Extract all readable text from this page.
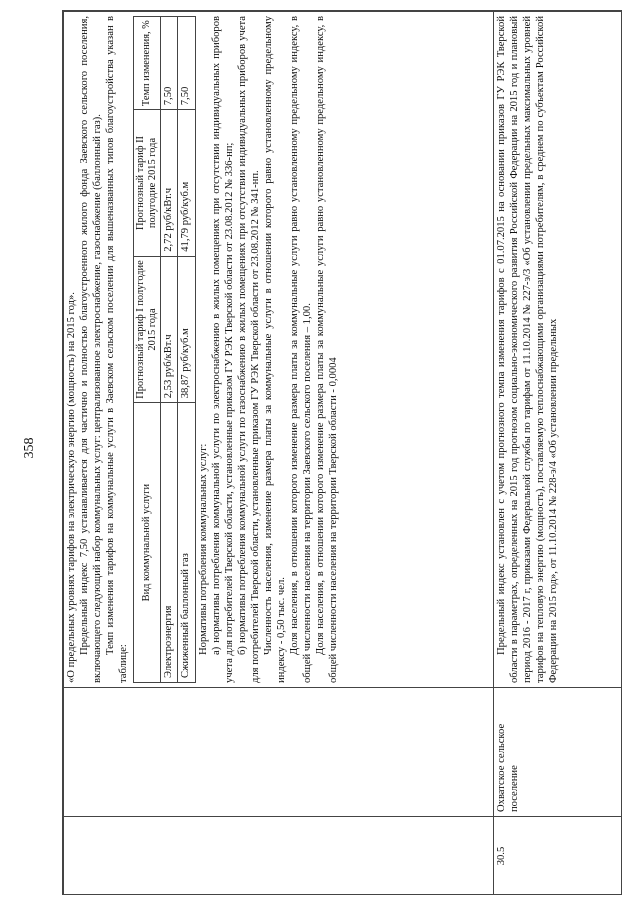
358
			«О предельных уровнях тарифов на электрическую энергию (мощность) на 2015 год». Предельный индекс 7,50 устанавливается для частично и полностью благоустроенного жилого фонда Заевского сельского поселения, включающего следующий набор коммунальных услуг: централизованное электроснабжение, газоснабжение (баллонный газ). Темп изменения тарифов на коммунальные услуги в Заевском сельском поселении для вышеназванных типов благоустройства указан в таблице:

Вид коммунальной услуги	Прогнозный тариф I полугодие 2015 года	Прогнозный тариф II полугодие 2015 года	Темп изменения, %
Электроэнергия	2,53 руб/кВт.ч	2,72 руб/кВт.ч	7,50
Сжиженный баллонный газ	38,87 руб/куб.м	41,79 руб/куб.м	7,50

Нормативы потребления коммунальных услуг: а) нормативы потребления коммунальной услуги по электроснабжению в жилых помещениях при отсутствии индивидуальных приборов учета для потребителей Тверской области, установленные приказом ГУ РЭК Тверской области от 23.08.2012 № 336-нп; б) нормативы потребления коммунальной услуги по газоснабжению в жилых помещениях при отсутствии индивидуальных приборов учета для потребителей Тверской области, установленные приказом ГУ РЭК Тверской области от 23.08.2012 № 341-нп. Численность населения, изменение размера платы за коммунальные услуги в отношении которого равно установленному предельному индексу - 0,50 тыс. чел. Доля населения, в отношении которого изменение размера платы за коммунальные услуги равно установленному предельному индексу, в общей численности населения на территории Заевского сельского поселения – 1,00. Доля населения, в отношении которого изменение размера платы за коммунальные услуги равно установленному предельному индексу, в общей численности населения на территории Тверской области - 0,0004

30.5	Охватское сельское поселение	

Предельный индекс установлен с учетом прогнозного темпа изменения тарифов с 01.07.2015 на основании приказов ГУ РЭК Тверской области в параметрах, определенных на 2015 год прогнозом социально-экономического развития Российской Федерации на 2015 год и плановый период 2016 - 2017 г, приказами Федеральной службы по тарифам от 11.10.2014 № 227-э/3 «Об установлении предельных максимальных уровней тарифов на тепловую энергию (мощность), поставляемую теплоснабжающими организациями потребителям, в среднем по субъектам Российской Федерации на 2015 год», от 11.10.2014 № 228-э/4 «Об установлении предельных
